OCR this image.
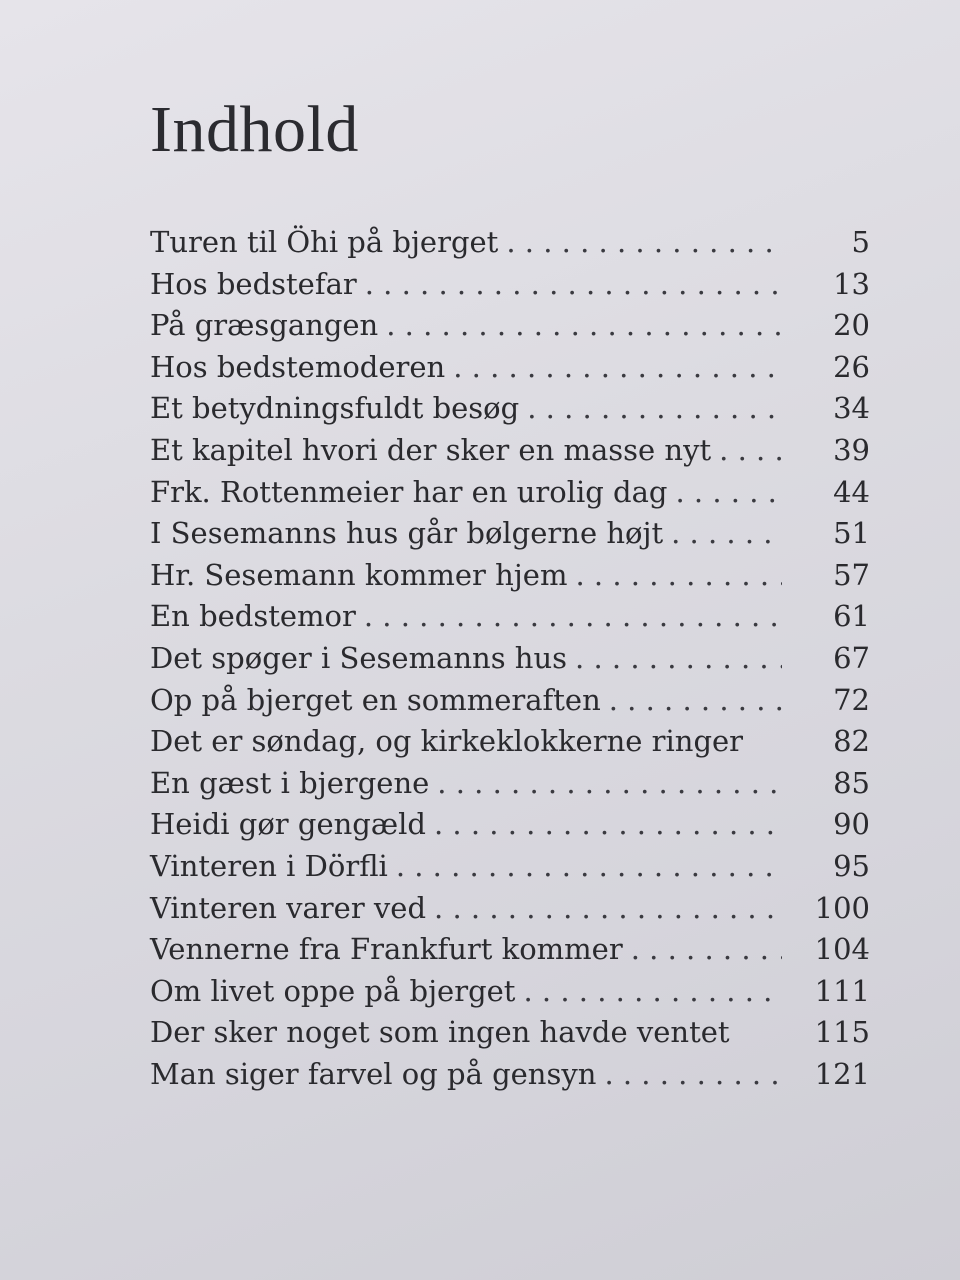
Indhold
Turen til Öhi på bjerget . . .	5
Hos bedstefar . . .	13
På græsgangen . . .	20
Hos bedstemoderen . . .	26
Et betydningsfuldt besøg . . .	34
Et kapitel hvori der sker en masse nyt . . .	39
Frk. Rottenmeier har en urolig dag . . .	44
I Sesemanns hus går bølgerne højt . . .	51
Hr. Sesemann kommer hjem . . .	57
En bedstemor . . .	61
Det spøger i Sesemanns hus . . .	67
Op på bjerget en sommeraften . . .	72
Det er søndag, og kirkeklokkerne ringer	82
En gæst i bjergene . . .	85
Heidi gør gengæld . . .	90
Vinteren i Dörfli . . .	95
Vinteren varer ved . . .	100
Vennerne fra Frankfurt kommer . . .	104
Om livet oppe på bjerget . . .	111
Der sker noget som ingen havde ventet	115
Man siger farvel og på gensyn . . .	121
